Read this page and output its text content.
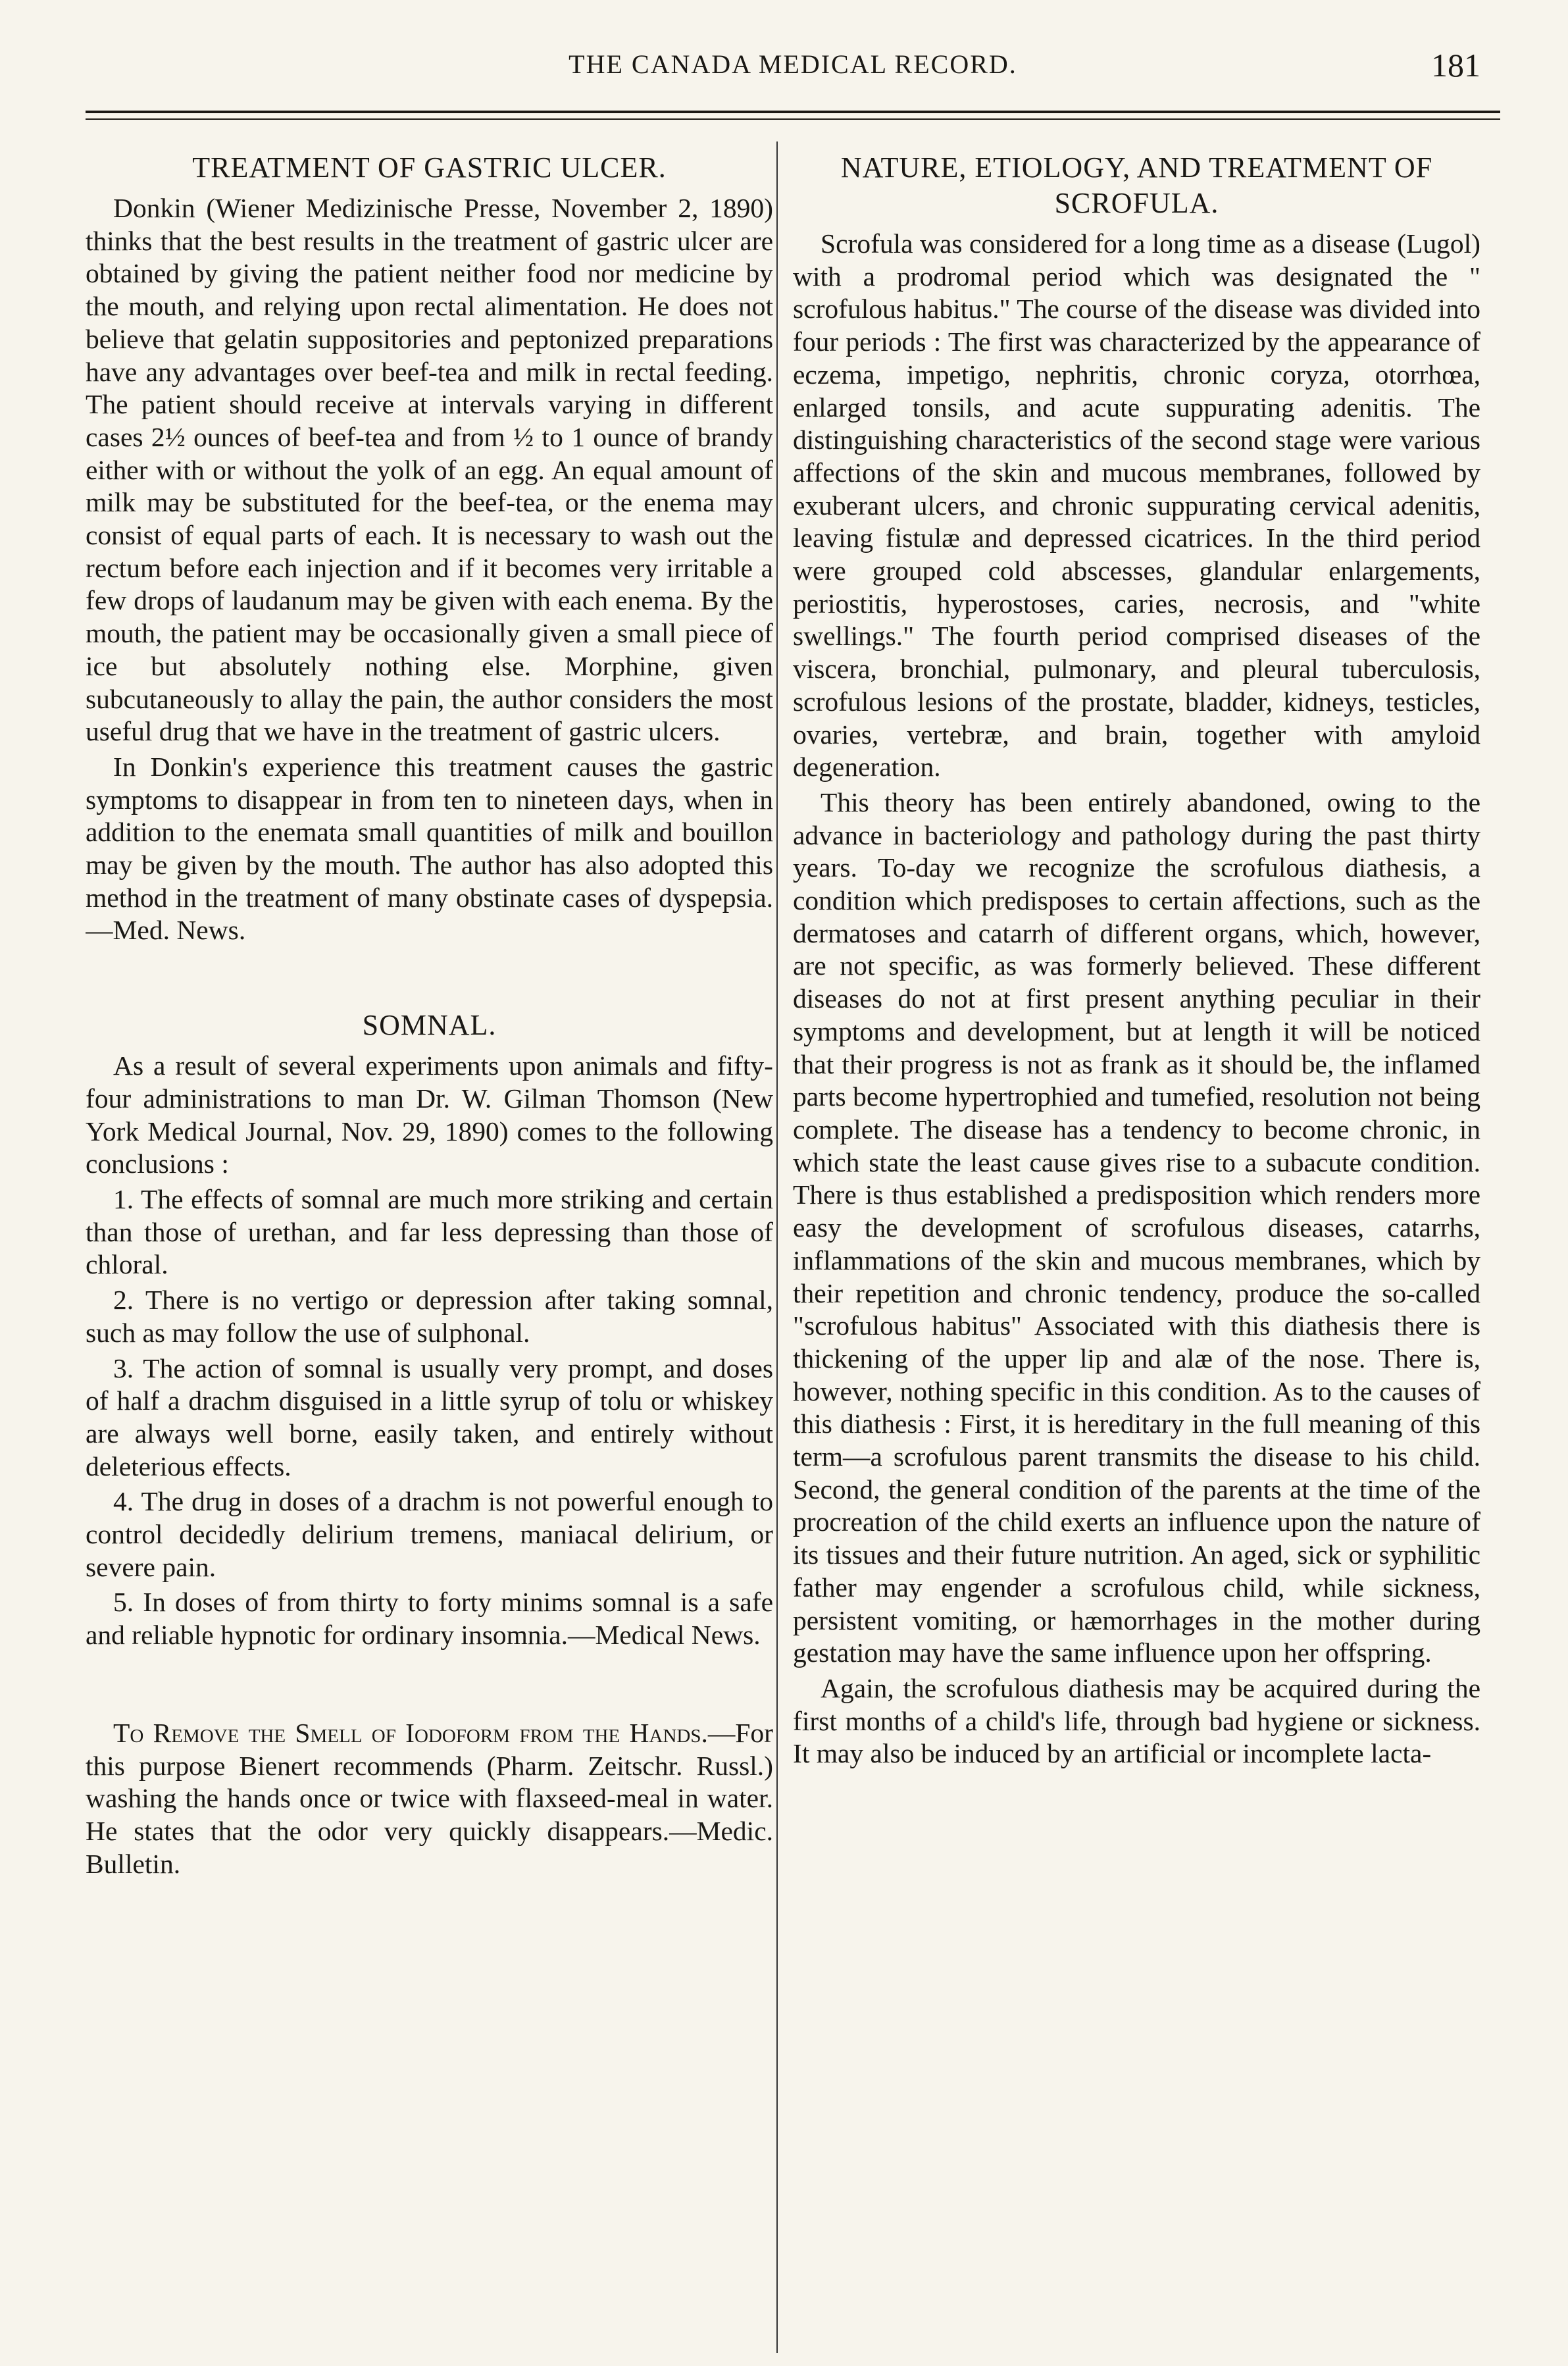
THE CANADA MEDICAL RECORD.	181
TREATMENT OF GASTRIC ULCER.

Donkin (Wiener Medizinische Presse, November 2, 1890) thinks that the best results in the treatment of gastric ulcer are obtained by giving the patient neither food nor medicine by the mouth, and relying upon rectal alimentation. He does not believe that gelatin suppositories and peptonized preparations have any advantages over beef-tea and milk in rectal feeding. The patient should receive at intervals varying in different cases 2½ ounces of beef-tea and from ½ to 1 ounce of brandy either with or without the yolk of an egg. An equal amount of milk may be substituted for the beef-tea, or the enema may consist of equal parts of each. It is necessary to wash out the rectum before each injection and if it becomes very irritable a few drops of laudanum may be given with each enema. By the mouth, the patient may be occasionally given a small piece of ice but absolutely nothing else. Morphine, given subcutaneously to allay the pain, the author considers the most useful drug that we have in the treatment of gastric ulcers.

In Donkin's experience this treatment causes the gastric symptoms to disappear in from ten to nineteen days, when in addition to the enemata small quantities of milk and bouillon may be given by the mouth. The author has also adopted this method in the treatment of many obstinate cases of dyspepsia.—Med. News.

SOMNAL.

As a result of several experiments upon animals and fifty-four administrations to man Dr. W. Gilman Thomson (New York Medical Journal, Nov. 29, 1890) comes to the following conclusions :

1. The effects of somnal are much more striking and certain than those of urethan, and far less depressing than those of chloral.

2. There is no vertigo or depression after taking somnal, such as may follow the use of sulphonal.

3. The action of somnal is usually very prompt, and doses of half a drachm disguised in a little syrup of tolu or whiskey are always well borne, easily taken, and entirely without deleterious effects.

4. The drug in doses of a drachm is not powerful enough to control decidedly delirium tremens, maniacal delirium, or severe pain.

5. In doses of from thirty to forty minims somnal is a safe and reliable hypnotic for ordinary insomnia.—Medical News.

To Remove the Smell of Iodoform from the Hands.—For this purpose Bienert recommends (Pharm. Zeitschr. Russl.) washing the hands once or twice with flaxseed-meal in water. He states that the odor very quickly disappears.—Medic. Bulletin.

NATURE, ETIOLOGY, AND TREATMENT OF SCROFULA.

Scrofula was considered for a long time as a disease (Lugol) with a prodromal period which was designated the " scrofulous habitus." The course of the disease was divided into four periods : The first was characterized by the appearance of eczema, impetigo, nephritis, chronic coryza, otorrhœa, enlarged tonsils, and acute suppurating adenitis. The distinguishing characteristics of the second stage were various affections of the skin and mucous membranes, followed by exuberant ulcers, and chronic suppurating cervical adenitis, leaving fistulæ and depressed cicatrices. In the third period were grouped cold abscesses, glandular enlargements, periostitis, hyperostoses, caries, necrosis, and "white swellings." The fourth period comprised diseases of the viscera, bronchial, pulmonary, and pleural tuberculosis, scrofulous lesions of the prostate, bladder, kidneys, testicles, ovaries, vertebræ, and brain, together with amyloid degeneration.

This theory has been entirely abandoned, owing to the advance in bacteriology and pathology during the past thirty years. To-day we recognize the scrofulous diathesis, a condition which predisposes to certain affections, such as the dermatoses and catarrh of different organs, which, however, are not specific, as was formerly believed. These different diseases do not at first present anything peculiar in their symptoms and development, but at length it will be noticed that their progress is not as frank as it should be, the inflamed parts become hypertrophied and tumefied, resolution not being complete. The disease has a tendency to become chronic, in which state the least cause gives rise to a subacute condition. There is thus established a predisposition which renders more easy the development of scrofulous diseases, catarrhs, inflammations of the skin and mucous membranes, which by their repetition and chronic tendency, produce the so-called "scrofulous habitus" Associated with this diathesis there is thickening of the upper lip and alæ of the nose. There is, however, nothing specific in this condition. As to the causes of this diathesis : First, it is hereditary in the full meaning of this term—a scrofulous parent transmits the disease to his child. Second, the general condition of the parents at the time of the procreation of the child exerts an influence upon the nature of its tissues and their future nutrition. An aged, sick or syphilitic father may engender a scrofulous child, while sickness, persistent vomiting, or hæmorrhages in the mother during gestation may have the same influence upon her offspring.

Again, the scrofulous diathesis may be acquired during the first months of a child's life, through bad hygiene or sickness. It may also be induced by an artificial or incomplete lacta-
